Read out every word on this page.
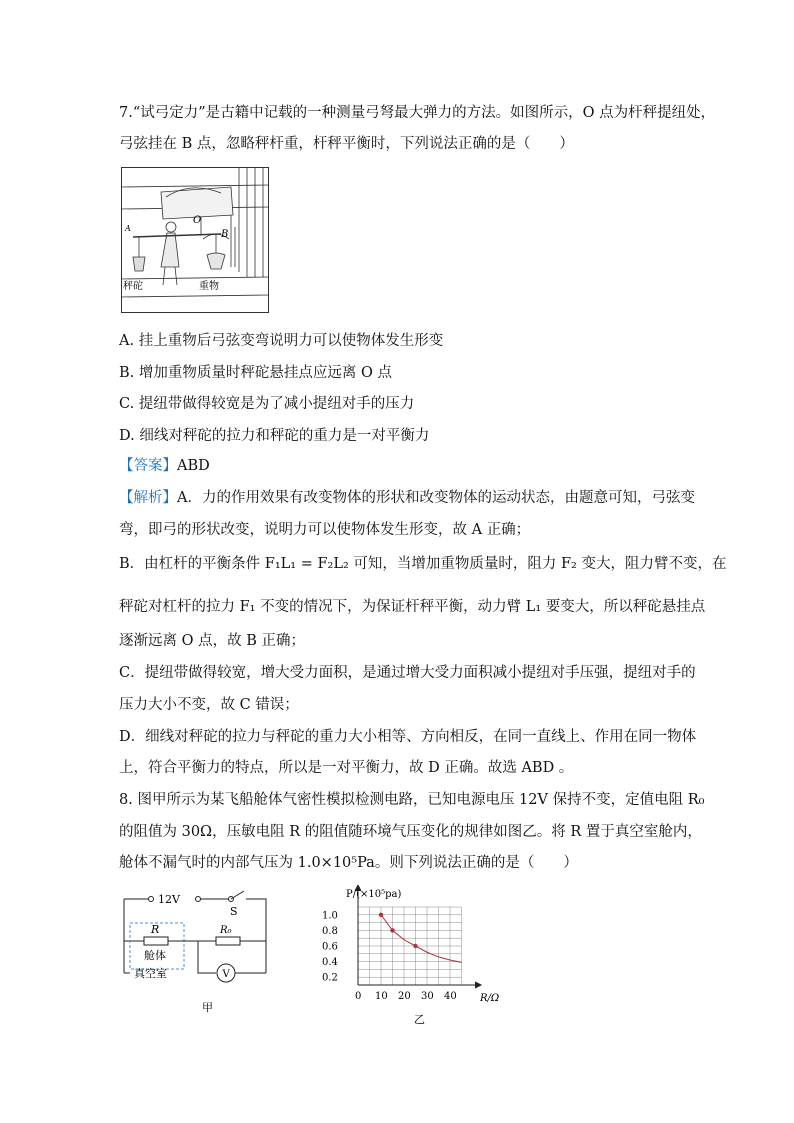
7.“试弓定力”是古籍中记载的一种测量弓弩最大弹力的方法。如图所示，O 点为杆秤提纽处，
弓弦挂在 B 点，忽略秤杆重，杆秤平衡时，下列说法正确的是（　　）
O
B
A
秤砣	重物
A. 挂上重物后弓弦变弯说明力可以使物体发生形变
B. 增加重物质量时秤砣悬挂点应远离 O 点
C. 提纽带做得较宽是为了减小提纽对手的压力
D. 细线对秤砣的拉力和秤砣的重力是一对平衡力
【答案】ABD
【解析】A．力的作用效果有改变物体的形状和改变物体的运动状态，由题意可知，弓弦变
弯，即弓的形状改变，说明力可以使物体发生形变，故 A 正确；
B．由杠杆的平衡条件 F₁L₁ = F₂L₂ 可知，当增加重物质量时，阻力 F₂ 变大，阻力臂不变，在
秤砣对杠杆的拉力 F₁ 不变的情况下，为保证杆秤平衡，动力臂 L₁ 要变大，所以秤砣悬挂点
逐渐远离 O 点，故 B 正确；
C．提纽带做得较宽，增大受力面积，是通过增大受力面积减小提纽对手压强，提纽对手的
压力大小不变，故 C 错误；
D．细线对秤砣的拉力与秤砣的重力大小相等、方向相反，在同一直线上、作用在同一物体
上，符合平衡力的特点，所以是一对平衡力，故 D 正确。故选 ABD 。
8. 图甲所示为某飞船舱体气密性模拟检测电路，已知电源电压 12V 保持不变，定值电阻 R₀
的阻值为 30Ω，压敏电阻 R 的阻值随环境气压变化的规律如图乙。将 R 置于真空室舱内，
舱体不漏气时的内部气压为 1.0×10⁵Pa。则下列说法正确的是（　　）
12V
S
R	R₀
舱体
真空室	V
甲
0.2
0.4
0.6
0.8
1.0
0 10 20 30 40
P/(×10⁵pa)
R/Ω
乙
